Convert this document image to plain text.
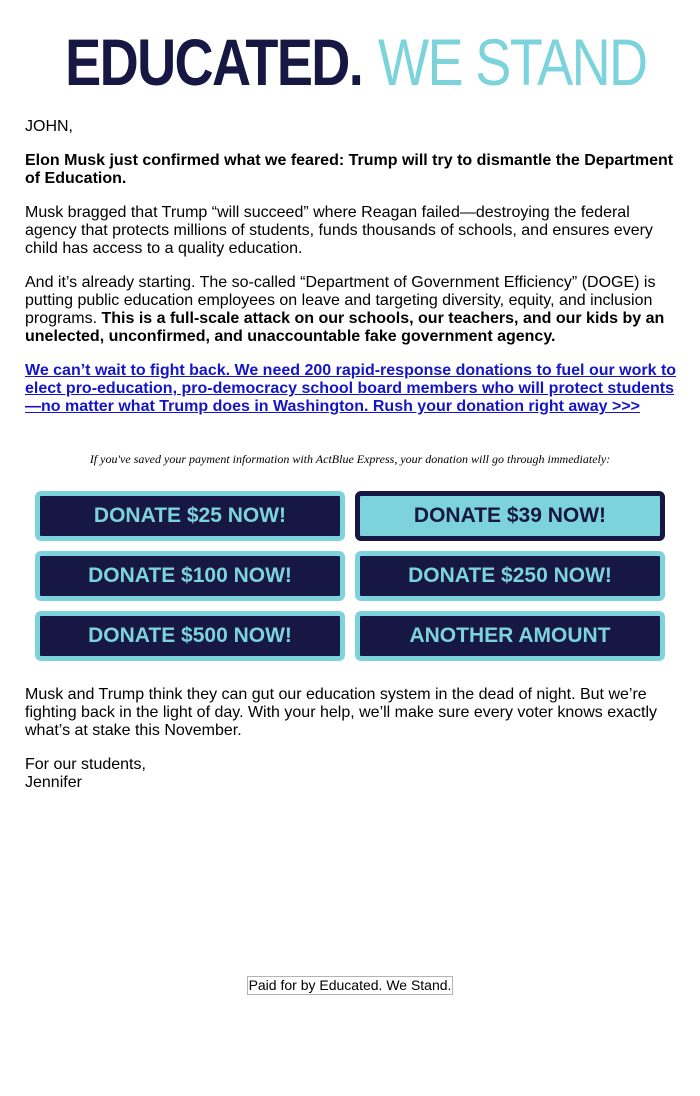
EDUCATED. WE STAND

JOHN,

Elon Musk just confirmed what we feared: Trump will try to dismantle the Department of Education.

Musk bragged that Trump “will succeed” where Reagan failed—destroying the federal agency that protects millions of students, funds thousands of schools, and ensures every child has access to a quality education.

And it’s already starting. The so-called “Department of Government Efficiency” (DOGE) is putting public education employees on leave and targeting diversity, equity, and inclusion programs. This is a full-scale attack on our schools, our teachers, and our kids by an unelected, unconfirmed, and unaccountable fake government agency.

We can’t wait to fight back. We need 200 rapid-response donations to fuel our work to elect pro-education, pro-democracy school board members who will protect students—no matter what Trump does in Washington. Rush your donation right away >>>

If you've saved your payment information with ActBlue Express, your donation will go through immediately:
DONATE $25 NOW!	DONATE $39 NOW!
DONATE $100 NOW!	DONATE $250 NOW!
DONATE $500 NOW!	ANOTHER AMOUNT

Musk and Trump think they can gut our education system in the dead of night. But we’re fighting back in the light of day. With your help, we’ll make sure every voter knows exactly what’s at stake this November.

For our students,
Jennifer

Paid for by Educated. We Stand.
